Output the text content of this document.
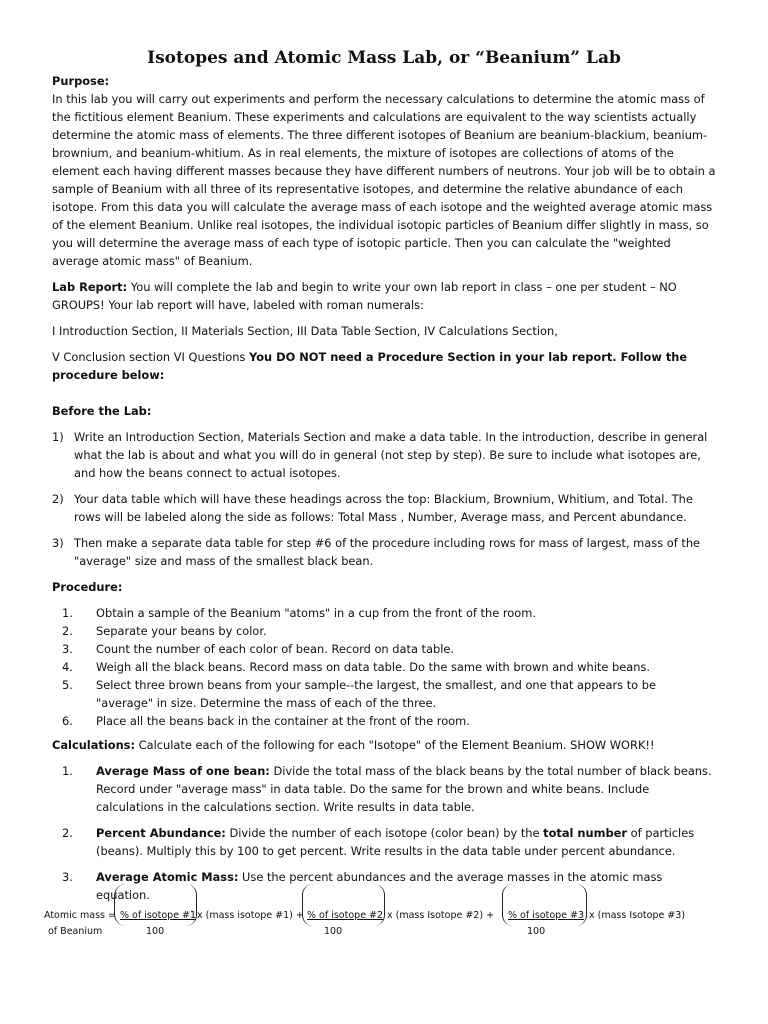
Isotopes and Atomic Mass Lab, or “Beanium” Lab
Purpose:
In this lab you will carry out experiments and perform the necessary calculations to determine the atomic mass of the fictitious element Beanium. These experiments and calculations are equivalent to the way scientists actually determine the atomic mass of elements. The three different isotopes of Beanium are beanium-blackium, beanium- brownium, and beanium-whitium. As in real elements, the mixture of isotopes are collections of atoms of the element each having different masses because they have different numbers of neutrons. Your job will be to obtain a sample of Beanium with all three of its representative isotopes, and determine the relative abundance of each isotope. From this data you will calculate the average mass of each isotope and the weighted average atomic mass of the element Beanium. Unlike real isotopes, the individual isotopic particles of Beanium differ slightly in mass, so you will determine the average mass of each type of isotopic particle. Then you can calculate the "weighted average atomic mass" of Beanium.
Lab Report: You will complete the lab and begin to write your own lab report in class – one per student – NO GROUPS! Your lab report will have, labeled with roman numerals:
I Introduction Section, II Materials Section, III Data Table Section, IV Calculations Section,
V Conclusion section VI Questions You DO NOT need a Procedure Section in your lab report. Follow the procedure below:
Before the Lab:
1) Write an Introduction Section, Materials Section and make a data table. In the introduction, describe in general what the lab is about and what you will do in general (not step by step). Be sure to include what isotopes are, and how the beans connect to actual isotopes.
2) Your data table which will have these headings across the top: Blackium, Brownium, Whitium, and Total. The rows will be labeled along the side as follows: Total Mass , Number, Average mass, and Percent abundance.
3) Then make a separate data table for step #6 of the procedure including rows for mass of largest, mass of the "average" size and mass of the smallest black bean.
Procedure:
1. Obtain a sample of the Beanium "atoms" in a cup from the front of the room.
2. Separate your beans by color.
3. Count the number of each color of bean. Record on data table.
4. Weigh all the black beans. Record mass on data table. Do the same with brown and white beans.
5. Select three brown beans from your sample--the largest, the smallest, and one that appears to be "average" in size. Determine the mass of each of the three.
6. Place all the beans back in the container at the front of the room.
Calculations: Calculate each of the following for each "Isotope" of the Element Beanium. SHOW WORK!!
1. Average Mass of one bean: Divide the total mass of the black beans by the total number of black beans. Record under "average mass" in data table. Do the same for the brown and white beans. Include calculations in the calculations section. Write results in data table.
2. Percent Abundance: Divide the number of each isotope (color bean) by the total number of particles (beans). Multiply this by 100 to get percent. Write results in the data table under percent abundance.
3. Average Atomic Mass: Use the percent abundances and the average masses in the atomic mass equation.
Atomic mass =
of Beanium
% of isotope #1 x (mass isotope #1) +
100
% of isotope #2 x (mass Isotope #2) +
100
% of isotope #3 x (mass Isotope #3)
100
